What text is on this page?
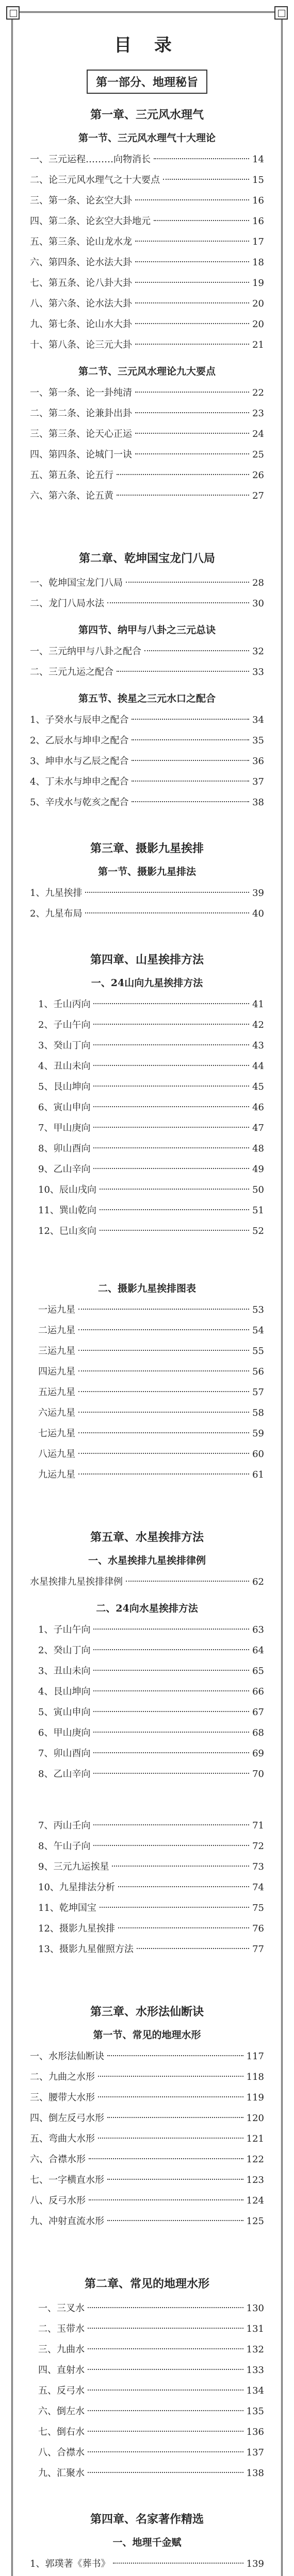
目 录
第一部分、地理秘旨
第一章、三元风水理气
第一节、三元风水理气十大理论
一、三元运程………向物消长	14
二、论三元风水理气之十大要点	15
三、第一条、论玄空大卦	16
四、第二条、论玄空大卦地元	16
五、第三条、论山龙水龙	17
六、第四条、论水法大卦	18
七、第五条、论八卦大卦	19
八、第六条、论水法大卦	20
九、第七条、论山水大卦	20
十、第八条、论三元大卦	21
第二节、三元风水理论九大要点
一、第一条、论一卦纯清	22
二、第二条、论兼卦出卦	23
三、第三条、论天心正运	24
四、第四条、论城门一诀	25
五、第五条、论五行	26
六、第六条、论五黄	27
第二章、乾坤国宝龙门八局
一、乾坤国宝龙门八局	28
二、龙门八局水法	30
第四节、纳甲与八卦之三元总诀
一、三元纳甲与八卦之配合	32
二、三元九运之配合	33
第五节、挨星之三元水口之配合
1、子癸水与辰申之配合	34
2、乙辰水与坤申之配合	35
3、坤申水与乙辰之配合	36
4、丁未水与坤申之配合	37
5、辛戌水与乾亥之配合	38
第三章、摄影九星挨排
第一节、摄影九星排法
1、九星挨排	39
2、九星布局	40
第四章、山星挨排方法
一、24山向九星挨排方法
1、壬山丙向	41
2、子山午向	42
3、癸山丁向	43
4、丑山未向	44
5、艮山坤向	45
6、寅山申向	46
7、甲山庚向	47
8、卯山酉向	48
9、乙山辛向	49
10、辰山戌向	50
11、巽山乾向	51
12、巳山亥向	52
二、摄影九星挨排图表
一运九星	53
二运九星	54
三运九星	55
四运九星	56
五运九星	57
六运九星	58
七运九星	59
八运九星	60
九运九星	61
第五章、水星挨排方法
一、水星挨排九星挨排律例
水星挨排九星挨排律例	62
二、24向水星挨排方法
1、子山午向	63
2、癸山丁向	64
3、丑山未向	65
4、艮山坤向	66
5、寅山申向	67
6、甲山庚向	68
7、卯山酉向	69
8、乙山辛向	70
7、丙山壬向	71
8、午山子向	72
9、三元九运挨星	73
10、九星排法分析	74
11、乾坤国宝	75
12、摄影九星挨排	76
13、摄影九星催照方法	77
第三章、水形法仙断诀
第一节、常见的地理水形
一、水形法仙断诀	117
二、九曲之水形	118
三、腰带大水形	119
四、倒左反弓水形	120
五、弯曲大水形	121
六、合襟水形	122
七、一字横直水形	123
八、反弓水形	124
九、冲射直流水形	125
第二章、常见的地理水形
一、三叉水	130
二、玉带水	131
三、九曲水	132
四、直射水	133
五、反弓水	134
六、倒左水	135
七、倒右水	136
八、合襟水	137
九、汇聚水	138
第四章、名家著作精选
一、地理千金赋
1、郭璞著《葬书》	139
